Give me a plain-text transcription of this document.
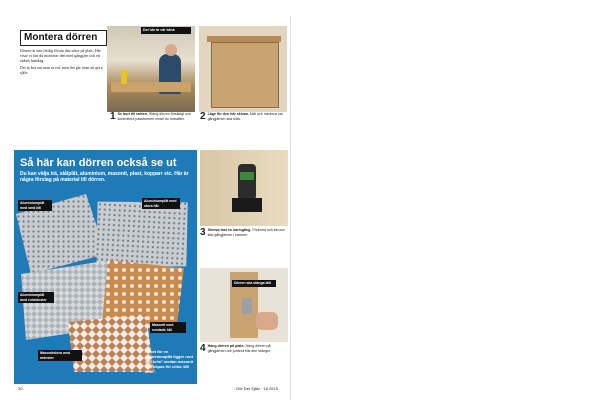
Montera dörren

Dörren är inte färdig förrän den sitter på plats. Här visar vi hur du monterar den med gångjärn och ett enkelt handtag.

Det är bra om man är två, men det går även att göra själv.

Det här är vår bänk
1 Se bort till ramen, Stäng dörren försiktigt och kontrollera passformen innan du fortsätter.	2 Läge för den här skivan. Mät och markera var gångjärnen ska sitta.
Så här kan dörren också se ut
Du kan välja trä, stålplåt, aluminium, masonit, plast, kopparr etc. Här är några förslag på material till dörren.
Aluminiumplåt med små hål
Aluminiumplåt med stora hål
Aluminiumplåt med rutmönster
Masonit med rundade hål
Masonitskiva med mönster
Priset för en aluminiumplåt ligger runt 300 kr/m² medan masonit kan köpas för cirka 400 kr/m².
3 Skruva fast en karmgång. Förborra och skruva fast gångjärnen i karmen.
Dörren ska stänga tätt
4 Häng dörren på plats. Häng dörren på gångjärnen och justera tills den stänger.
20	Gör Det Själv · 18 2015
